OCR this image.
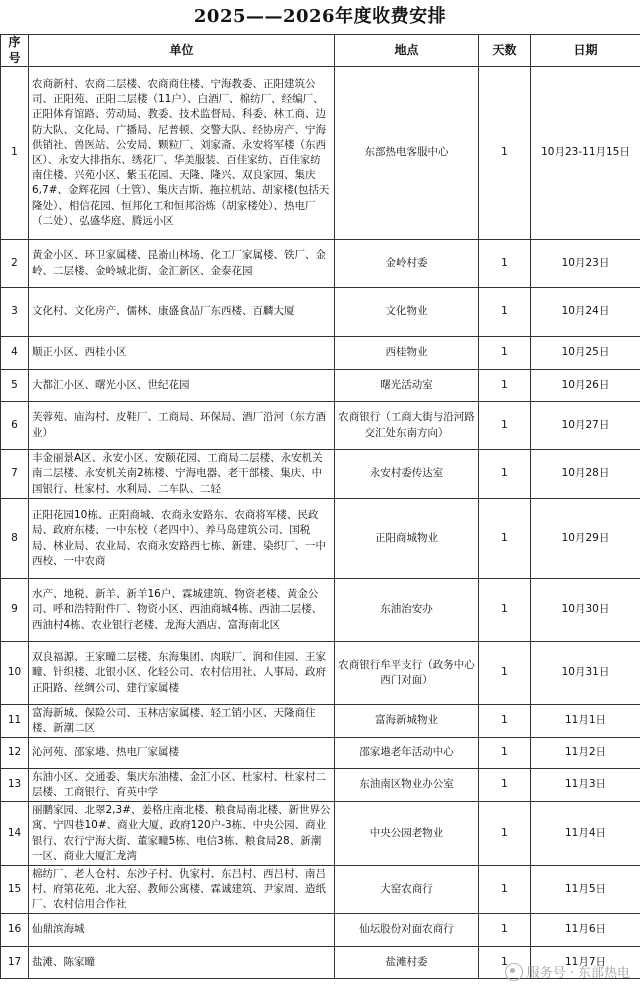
2025——2026年度收费安排
序号	单位	地点	天数	日期
1	农商新村、农商二层楼、农商商住楼、宁海教委、正阳建筑公司、正阳苑、正阳二层楼（11户）、白酒厂、棉纺厂、经编厂、正阳体育馆路、劳动局、教委、技术监督局、科委、林工商、边防大队、文化局、广播局、尼普顿、交警大队、经协房产、宁海供销社、兽医站、公安局、颗粒厂、刘家斋、永安将军楼（东西区）、永安大排指东、绣花厂、华美服装、百佳家纺、百佳家纺南住楼、兴苑小区、紫玉花园、天隆、隆兴、双良家园、集庆6,7#、金辉花园（土管）、集庆吉斯、拖拉机站、胡家楼(包括天隆处）、相信花园、恒邦化工和恒邦浴炼（胡家楼处）、热电厂（二处）、弘盛华庭、腾远小区	东部热电客服中心	1	10月23-11月15日
2	黄金小区、环卫家属楼、昆嵛山林场、化工厂家属楼、铁厂、金岭、二层楼、金岭城北街、金汇新区、金泰花园	金岭村委	1	10月23日
3	文化村、文化房产、儒林、康盛食品厂东西楼、百麟大厦	文化物业	1	10月24日
4	顺正小区、西桂小区	西桂物业	1	10月25日
5	大都汇小区、曙光小区、世纪花园	曙光活动室	1	10月26日
6	芙蓉苑、庙沟村、皮鞋厂、工商局、环保局、酒厂沿河（东方酒业）	农商银行（工商大街与沿河路交汇处东南方向）	1	10月27日
7	丰金丽景A区、永安小区、安颐花园、工商局二层楼、永安机关南二层楼、永安机关南2栋楼、宁海电器、老干部楼、集庆、中国银行、杜家村、水利局、二车队、二轻	永安村委传达室	1	10月28日
8	正阳花园10栋、正阳商城、农商永安路东、农商将军楼、民政局、政府东楼、一中东校（老四中）、养马岛建筑公司、国税局、林业局、农业局、农商永安路西七栋、新建、染织厂、一中西校、一中农商	正阳商城物业	1	10月29日
9	水产、地税、新羊、新羊16户、霖城建筑、物资老楼、黄金公司、呼和浩特附件厂、物资小区、西油商城4栋、西油二层楼、西油村4栋、农业银行老楼、龙海大酒店、富海南北区	东油治安办	1	10月30日
10	双良福源、王家疃二层楼、东海集团、肉联厂、润和佳园、王家疃、针织楼、北银小区、化轻公司、农村信用社、人事局、政府正阳路、丝绸公司、建行家属楼	农商银行牟平支行（政务中心西门对面）	1	10月31日
11	富海新城、保险公司、玉林店家属楼、轻工销小区、天隆商住楼、新潮二区	富海新城物业	1	11月1日
12	沁河苑、邵家塂、热电厂家属楼	邵家塂老年活动中心	1	11月2日
13	东油小区、交通委、集庆东油楼、金汇小区、杜家村、杜家村二层楼、工商银行、育英中学	东油南区物业办公室	1	11月3日
14	丽鹏家园、北翠2,3#、姜格庄南北楼、粮食局南北楼、新世界公寓、宁四巷10#、商业大厦、政府120户-3栋、中央公园、商业银行、农行宁海大街、董家疃5栋、电信3栋、粮食局28、新潮一区、商业大厦汇龙湾	中央公园老物业	1	11月4日
15	棉纺厂、老人仓村、东沙子村、仇家村、东吕村、西吕村、南吕村、府第花苑、北大窑、教师公寓楼、霖诚建筑、尹家周、造纸厂、农村信用合作社	大窑农商行	1	11月5日
16	仙鼎滨海城	仙坛股份对面农商行	1	11月6日
17	盐滩、陈家疃	盐滩村委	1	11月7日
服务号 · 东部热电
